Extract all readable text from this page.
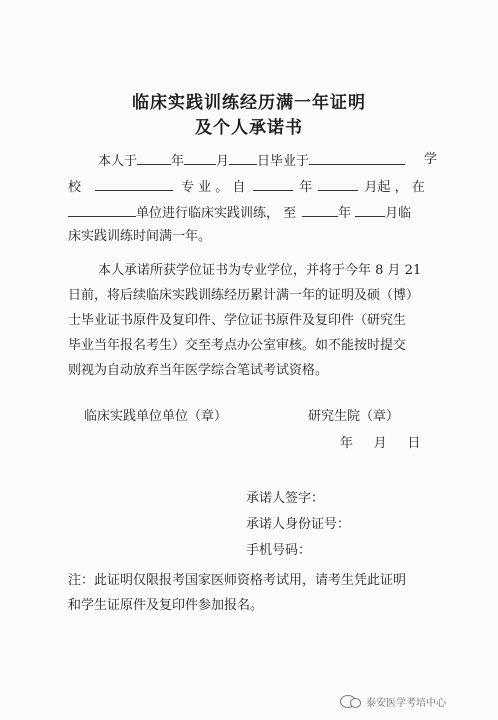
临床实践训练经历满一年证明
及个人承诺书
本人于	年 月 日毕业于	学
校	专 业 。 自	年	月起 ， 在
单位进行临床实践训练， 至	年	月临
床实践训练时间满一年。
本人承诺所获学位证书为专业学位，并将于今年 8 月 21
日前，将后续临床实践训练经历累计满一年的证明及硕（博）
士毕业证书原件及复印件、学位证书原件及复印件（研究生
毕业当年报名考生）交至考点办公室审核。如不能按时提交
则视为自动放弃当年医学综合笔试考试资格。
临床实践单位单位（章）	研究生院（章）
年     月     日
承诺人签字：
承诺人身份证号：
手机号码：
注：此证明仅限报考国家医师资格考试用，请考生凭此证明
和学生证原件及复印件参加报名。
泰安医学考培中心
